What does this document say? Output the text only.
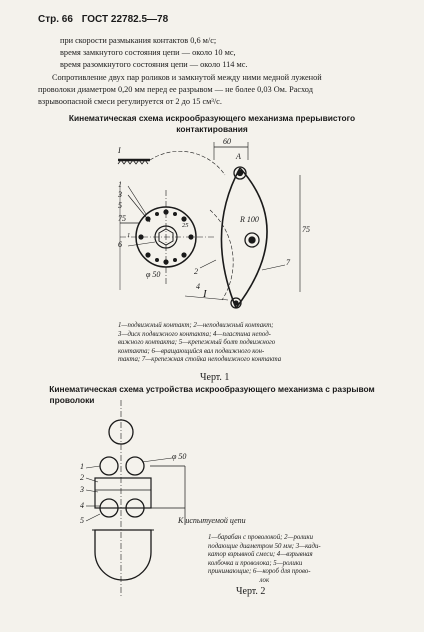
Стр. 66 ГОСТ 22782.5—78
при скорости размыкания контактов 0,6 м/с;
время замкнутого состояния цепи — около 10 мс,
время разомкнутого состояния цепи — около 114 мс.
Сопротивление двух пар роликов и замкнутой между ними медной луженой
проволоки диаметром 0,20 мм перед ее разрывом — не более 0,03 Ом. Расход
взрывоопасной смеси регулируется от 2 до 15 см³/с.
Кинематическая схема искрообразующего механизма прерывистого
контактирования
60
I
А
1
3
5
75
6
R 100
25
φ 50	2
4
7
75
I
1
1—подвижный контакт; 2—неподвижный контакт;
3—диск подвижного контакта; 4—пластина непод-
вижного контакта; 5—крепежный болт подвижного
контакта; 6—вращающийся вал подвижного кон-
такта; 7—крепежная стойка неподвижного контакта
Черт. 1
Кинематическая схема устройства искрообразующего механизма с разрывом
проволоки
φ 50
1
2
3
4
5	К испытуемой цепи
1—барабан с проволокой; 2—ролики
подающие диаметром 50 мм; 3—кади-
катор взрывной смеси; 4—взрывная
колбочка и проволока; 5—ролики
принимающие; 6—короб для прово-
лок
Черт. 2
